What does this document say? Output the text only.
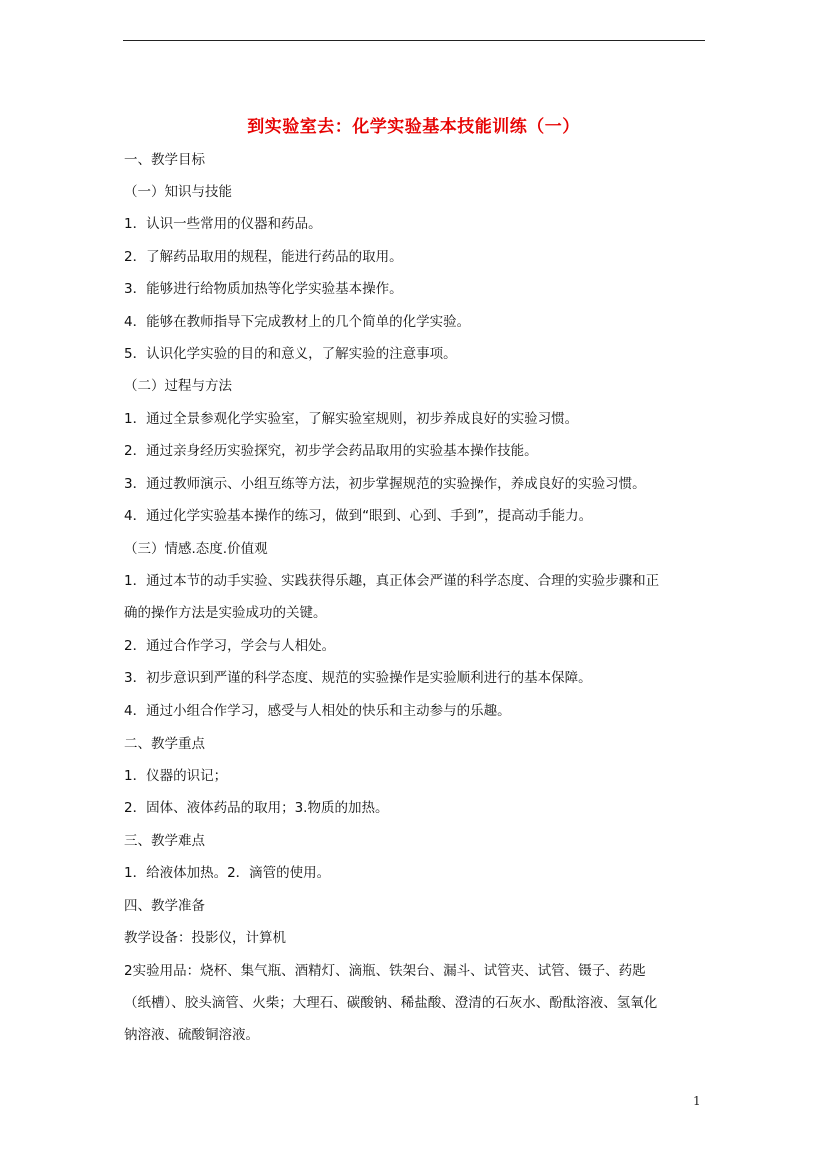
到实验室去：化学实验基本技能训练（一）
一、教学目标
（一）知识与技能
1．认识一些常用的仪器和药品。
2．了解药品取用的规程，能进行药品的取用。
3．能够进行给物质加热等化学实验基本操作。
4．能够在教师指导下完成教材上的几个简单的化学实验。
5．认识化学实验的目的和意义，了解实验的注意事项。
（二）过程与方法
1．通过全景参观化学实验室，了解实验室规则，初步养成良好的实验习惯。
2．通过亲身经历实验探究，初步学会药品取用的实验基本操作技能。
3．通过教师演示、小组互练等方法，初步掌握规范的实验操作，养成良好的实验习惯。
4．通过化学实验基本操作的练习，做到“眼到、心到、手到”，提高动手能力。
（三）情感.态度.价值观
1．通过本节的动手实验、实践获得乐趣，真正体会严谨的科学态度、合理的实验步骤和正
确的操作方法是实验成功的关键。
2．通过合作学习，学会与人相处。
3．初步意识到严谨的科学态度、规范的实验操作是实验顺利进行的基本保障。
4．通过小组合作学习，感受与人相处的快乐和主动参与的乐趣。
二、教学重点
1．仪器的识记；
2．固体、液体药品的取用；3.物质的加热。
三、教学难点
1．给液体加热。2．滴管的使用。
四、教学准备
教学设备：投影仪，计算机
2实验用品：烧杯、集气瓶、酒精灯、滴瓶、铁架台、漏斗、试管夹、试管、镊子、药匙
（纸槽）、胶头滴管、火柴；大理石、碳酸钠、稀盐酸、澄清的石灰水、酚酞溶液、氢氧化
钠溶液、硫酸铜溶液。
1
